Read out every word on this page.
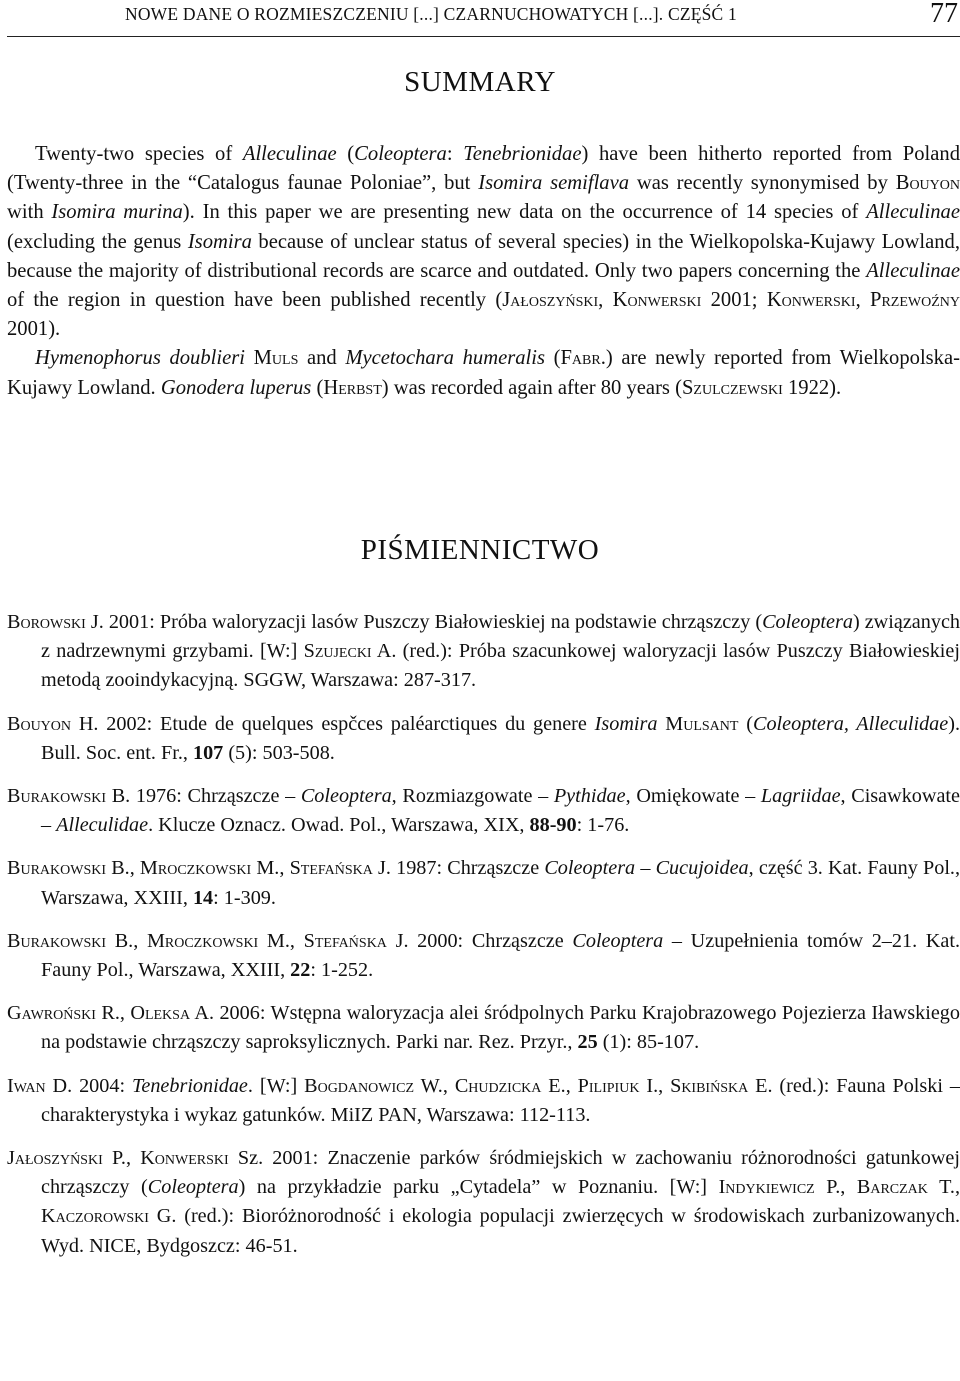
NOWE DANE O ROZMIESZCZENIU [...] CZARNUCHOWATYCH [...]. CZĘŚĆ 1	77
SUMMARY

Twenty-two species of Alleculinae (Coleoptera: Tenebrionidae) have been hitherto reported from Poland (Twenty-three in the “Catalogus faunae Poloniae”, but Isomira semiflava was recently synonymised by Bouyon with Isomira murina). In this paper we are presenting new data on the occurrence of 14 species of Alleculinae (excluding the genus Isomira because of unclear status of several species) in the Wielkopolska-Kujawy Lowland, because the majority of distributional records are scarce and outdated. Only two papers concerning the Alleculinae of the region in question have been published recently (Jałoszyński, Konwerski 2001; Konwerski, Przewoźny 2001).

Hymenophorus doublieri Muls and Mycetochara humeralis (Fabr.) are newly reported from Wielkopolska-Kujawy Lowland. Gonodera luperus (Herbst) was recorded again after 80 years (Szulczewski 1922).

PIŚMIENNICTWO

Borowski J. 2001: Próba waloryzacji lasów Puszczy Białowieskiej na podstawie chrząszczy (Coleoptera) związanych z nadrzewnymi grzybami. [W:] Szujecki A. (red.): Próba szacunkowej waloryzacji lasów Puszczy Białowieskiej metodą zooindykacyjną. SGGW, Warszawa: 287-317.

Bouyon H. 2002: Etude de quelques espčces paléarctiques du genere Isomira Mulsant (Coleoptera, Alleculidae). Bull. Soc. ent. Fr., 107 (5): 503-508.

Burakowski B. 1976: Chrząszcze – Coleoptera, Rozmiazgowate – Pythidae, Omiękowate – Lagriidae, Cisawkowate – Alleculidae. Klucze Oznacz. Owad. Pol., Warszawa, XIX, 88-90: 1-76.

Burakowski B., Mroczkowski M., Stefańska J. 1987: Chrząszcze Coleoptera – Cucujoidea, część 3. Kat. Fauny Pol., Warszawa, XXIII, 14: 1-309.

Burakowski B., Mroczkowski M., Stefańska J. 2000: Chrząszcze Coleoptera – Uzupełnienia tomów 2–21. Kat. Fauny Pol., Warszawa, XXIII, 22: 1-252.

Gawroński R., Oleksa A. 2006: Wstępna waloryzacja alei śródpolnych Parku Krajobrazowego Pojezierza Iławskiego na podstawie chrząszczy saproksylicznych. Parki nar. Rez. Przyr., 25 (1): 85-107.

Iwan D. 2004: Tenebrionidae. [W:] Bogdanowicz W., Chudzicka E., Pilipiuk I., Skibińska E. (red.): Fauna Polski – charakterystyka i wykaz gatunków. MiIZ PAN, Warszawa: 112-113.

Jałoszyński P., Konwerski Sz. 2001: Znaczenie parków śródmiejskich w zachowaniu różnorodności gatunkowej chrząszczy (Coleoptera) na przykładzie parku „Cytadela” w Poznaniu. [W:] Indykiewicz P., Barczak T., Kaczorowski G. (red.): Bioróżnorodność i ekologia populacji zwierzęcych w środowiskach zurbanizowanych. Wyd. NICE, Bydgoszcz: 46-51.
